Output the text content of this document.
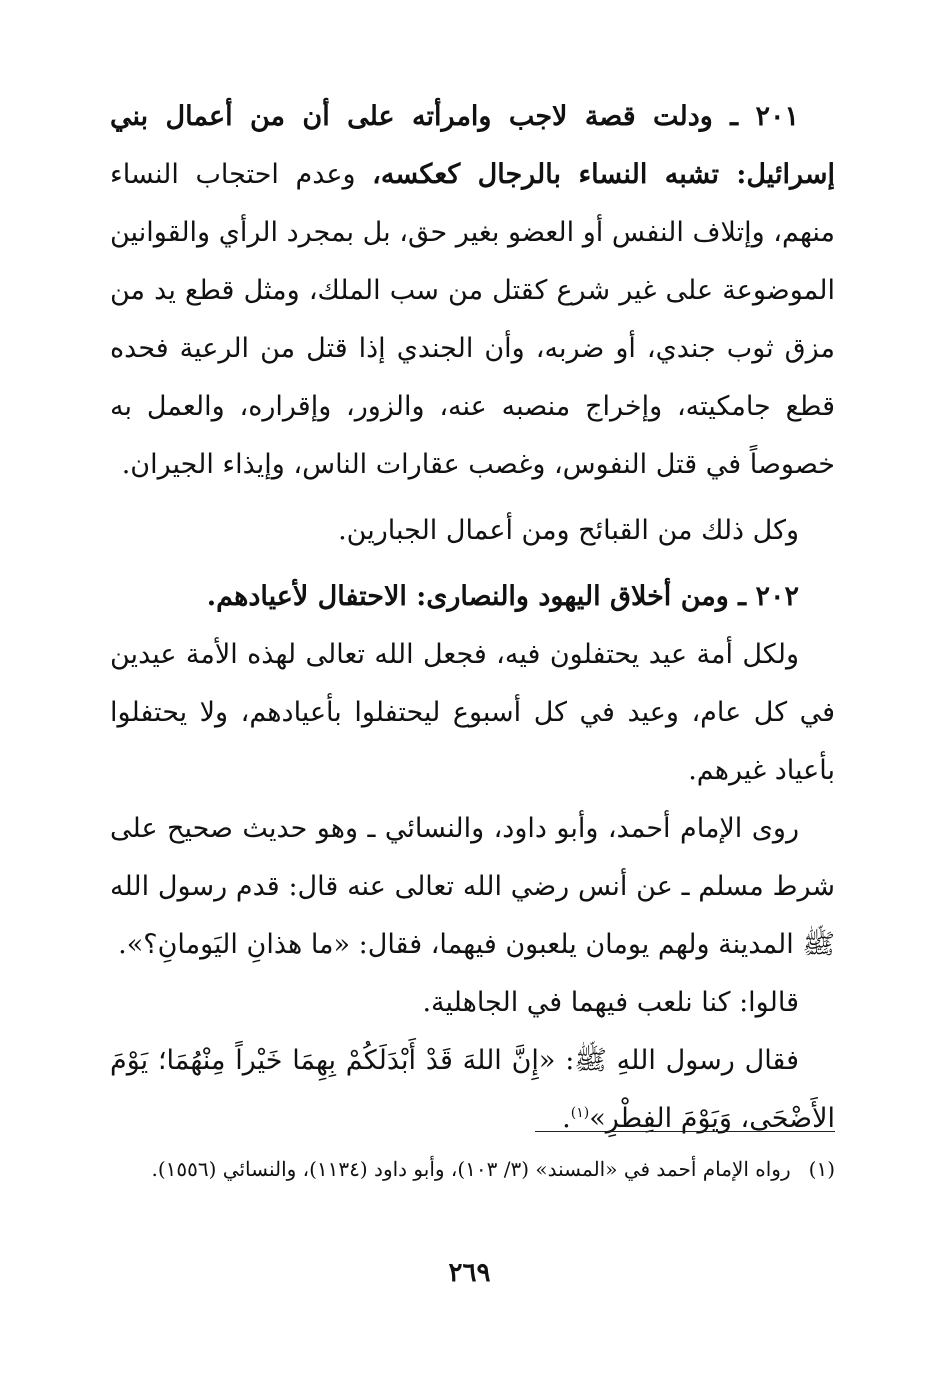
٢٠١ ـ ودلت قصة لاجب وامرأته على أن من أعمال بني إسرائيل: تشبه النساء بالرجال كعكسه، وعدم احتجاب النساء منهم، وإتلاف النفس أو العضو بغير حق، بل بمجرد الرأي والقوانين الموضوعة على غير شرع كقتل من سب الملك، ومثل قطع يد من مزق ثوب جندي، أو ضربه، وأن الجندي إذا قتل من الرعية فحده قطع جامكيته، وإخراج منصبه عنه، والزور، وإقراره، والعمل به خصوصاً في قتل النفوس، وغصب عقارات الناس، وإيذاء الجيران.

وكل ذلك من القبائح ومن أعمال الجبارين.

٢٠٢ ـ ومن أخلاق اليهود والنصارى: الاحتفال لأعيادهم.

ولكل أمة عيد يحتفلون فيه، فجعل الله تعالى لهذه الأمة عيدين في كل عام، وعيد في كل أسبوع ليحتفلوا بأعيادهم، ولا يحتفلوا بأعياد غيرهم.

روى الإمام أحمد، وأبو داود، والنسائي ـ وهو حديث صحيح على شرط مسلم ـ عن أنس رضي الله تعالى عنه قال: قدم رسول الله ﷺ المدينة ولهم يومان يلعبون فيهما، فقال: «ما هذانِ اليَومانِ؟».

قالوا: كنا نلعب فيهما في الجاهلية.

فقال رسول اللهِ ﷺ: «إِنَّ اللهَ قَدْ أَبْدَلَكُمْ بِهِمَا خَيْراً مِنْهُمَا؛ يَوْمَ الأَضْحَى، وَيَوْمَ الفِطْرِ»$^{(١)}$.

(١)رواه الإمام أحمد في «المسند» (٣/ ١٠٣)، وأبو داود (١١٣٤)، والنسائي (١٥٥٦).

٢٦٩
